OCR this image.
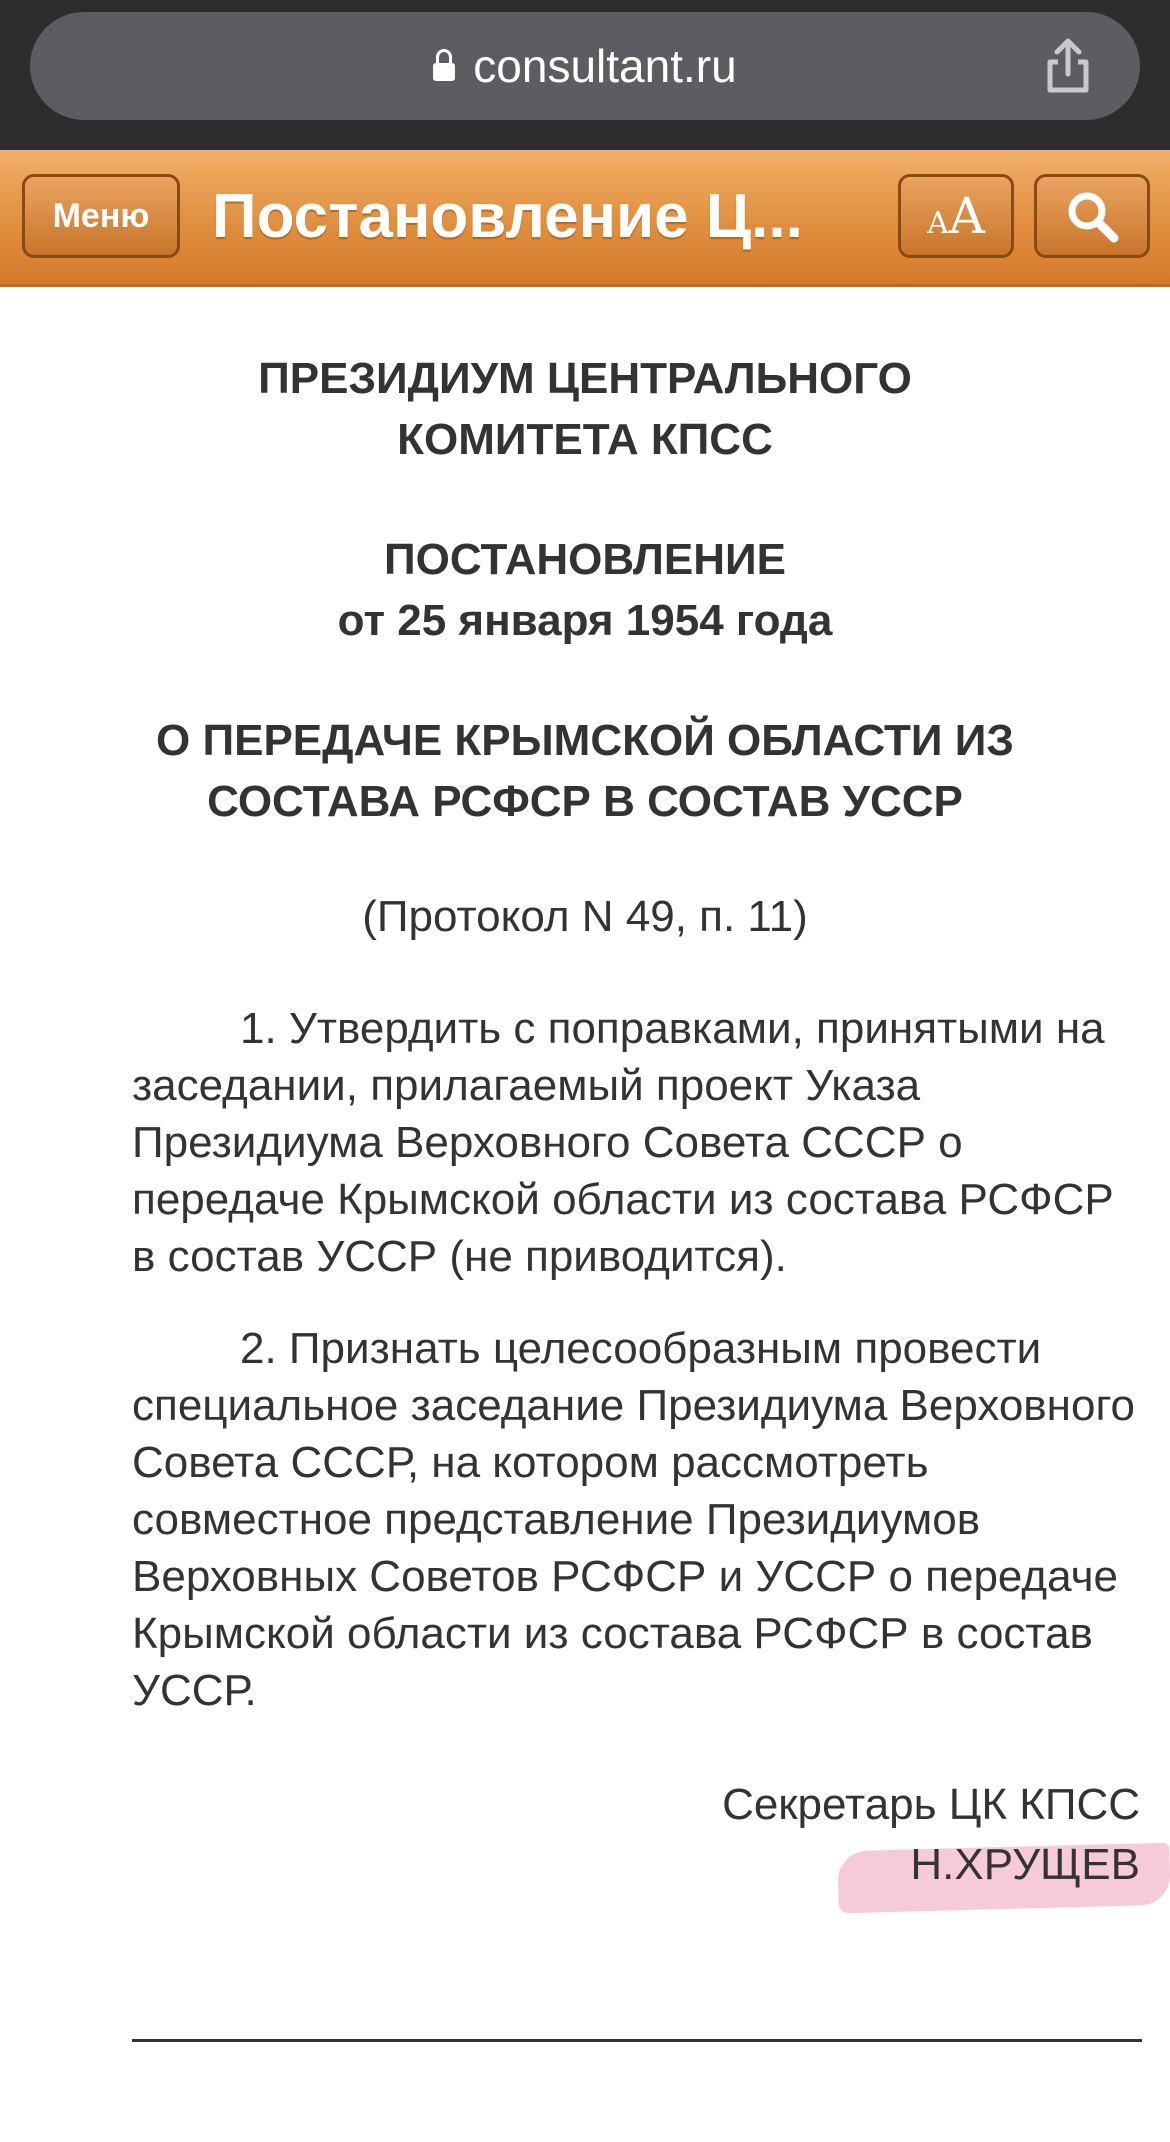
consultant.ru
Меню	Постановление Ц...	A A
ПРЕЗИДИУМ ЦЕНТРАЛЬНОГО
КОМИТЕТА КПСС
ПОСТАНОВЛЕНИЕ
от 25 января 1954 года
О ПЕРЕДАЧЕ КРЫМСКОЙ ОБЛАСТИ ИЗ
СОСТАВА РСФСР В СОСТАВ УССР
(Протокол N 49, п. 11)
1. Утвердить с поправками, принятыми на заседании, прилагаемый проект Указа Президиума Верховного Совета СССР о передаче Крымской области из состава РСФСР в состав УССР (не приводится).
2. Признать целесообразным провести специальное заседание Президиума Верховного Совета СССР, на котором рассмотреть совместное представление Президиумов Верховных Советов РСФСР и УССР о передаче Крымской области из состава РСФСР в состав УССР.
Секретарь ЦК КПСС
Н.ХРУЩЕВ
